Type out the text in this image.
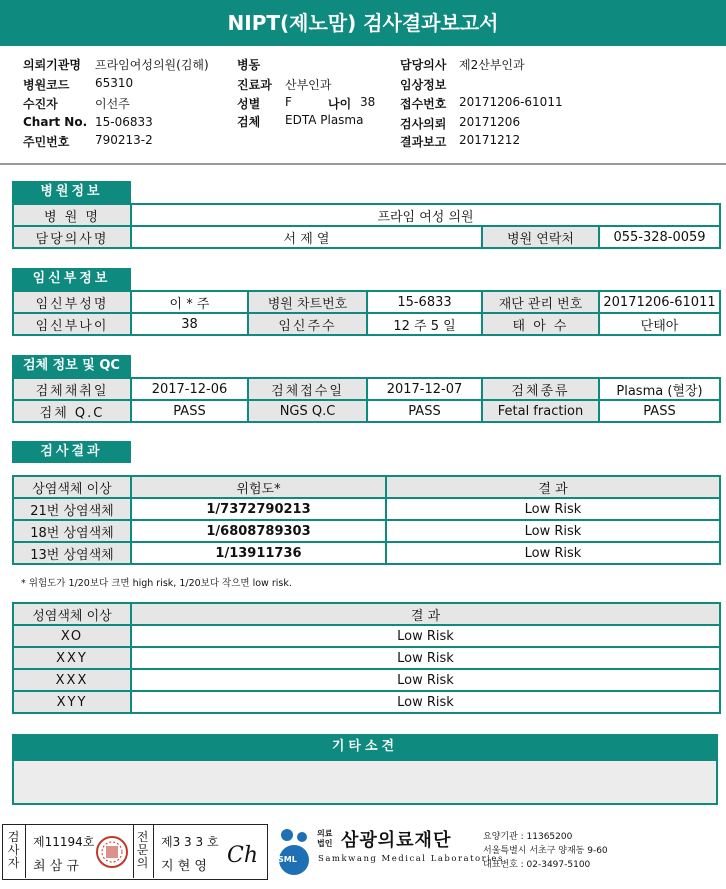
NIPT(제노맘) 검사결과보고서
의뢰기관명 프라임여성의원(김해)
병원코드 65310
수진자	이선주
Chart No. 15-06833
주민번호 790213-2
병동
진료과 산부인과
성별 F	나이 38
검체 EDTA Plasma
담당의사 제2산부인과
임상정보
접수번호 20171206-61011
검사의뢰 20171206
결과보고 20171212
병원정보
병 원 명	프라임 여성 의원		
담당의사명	서 제 열	병원 연락처	055-328-0059
임신부정보
임신부성명	이 * 주	병원 차트번호	15-6833	재단 관리 번호	20171206-61011
임신부나이	38	임신주수	12 주 5 일	태 아 수	단태아
검체 정보 및 QC
검체채취일	2017-12-06	검체접수일	2017-12-07	검체종류	Plasma (혈장)
검체 Q.C	PASS	NGS Q.C	PASS	Fetal fraction	PASS
검사결과
상염색체 이상	위험도*	결 과
21번 상염색체	1/7372790213	Low Risk
18번 상염색체	1/6808789303	Low Risk
13번 상염색체	1/13911736	Low Risk
* 위험도가 1/20보다 크면 high risk, 1/20보다 작으면 low risk.
성염색체 이상	결 과
XO	Low Risk
XXY	Low Risk
XXX	Low Risk
XYY	Low Risk
기타소견
검사자
제11194호
최 삼 규
전문의
제3 3 3 호
지 현 영 Ch SML
의료
법인 삼광의료재단
Samkwang Medical Laboratories
요양기관 : 11365200
서울특별시 서초구 양재동 9-60
대표번호 : 02-3497-5100
